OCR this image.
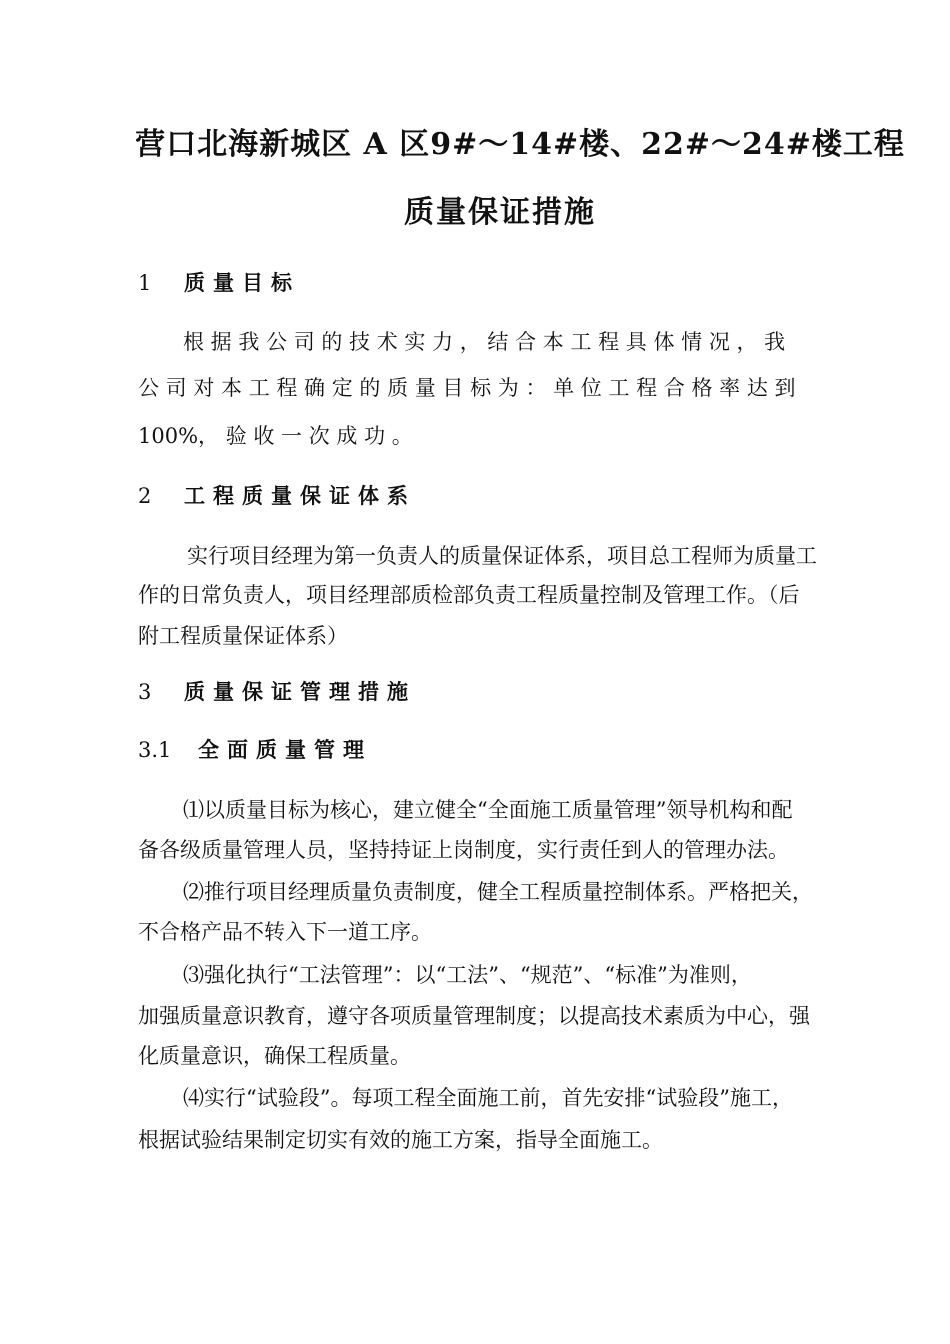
营口北海新城区 A 区9#～14#楼、22#～24#楼工程
质量保证措施
1 质量目标
根 据 我 公 司 的 技 术 实 力 ， 结 合 本 工 程 具 体 情 况 ， 我
公 司 对 本 工 程 确 定 的 质 量 目 标 为 ： 单 位 工 程 合 格 率 达 到
100%， 验 收 一 次 成 功 。
2 工程质量保证体系
实行项目经理为第一负责人的质量保证体系，项目总工程师为质量工
作的日常负责人，项目经理部质检部负责工程质量控制及管理工作。（后
附工程质量保证体系）
3 质量保证管理措施
3.1 全面质量管理
⑴以质量目标为核心，建立健全“全面施工质量管理”领导机构和配
备各级质量管理人员，坚持持证上岗制度，实行责任到人的管理办法。
⑵推行项目经理质量负责制度，健全工程质量控制体系。严格把关，
不合格产品不转入下一道工序。
⑶强化执行“工法管理”：以“工法”、“规范”、“标准”为准则，
加强质量意识教育，遵守各项质量管理制度；以提高技术素质为中心，强
化质量意识，确保工程质量。
⑷实行“试验段”。每项工程全面施工前，首先安排“试验段”施工，
根据试验结果制定切实有效的施工方案，指导全面施工。
